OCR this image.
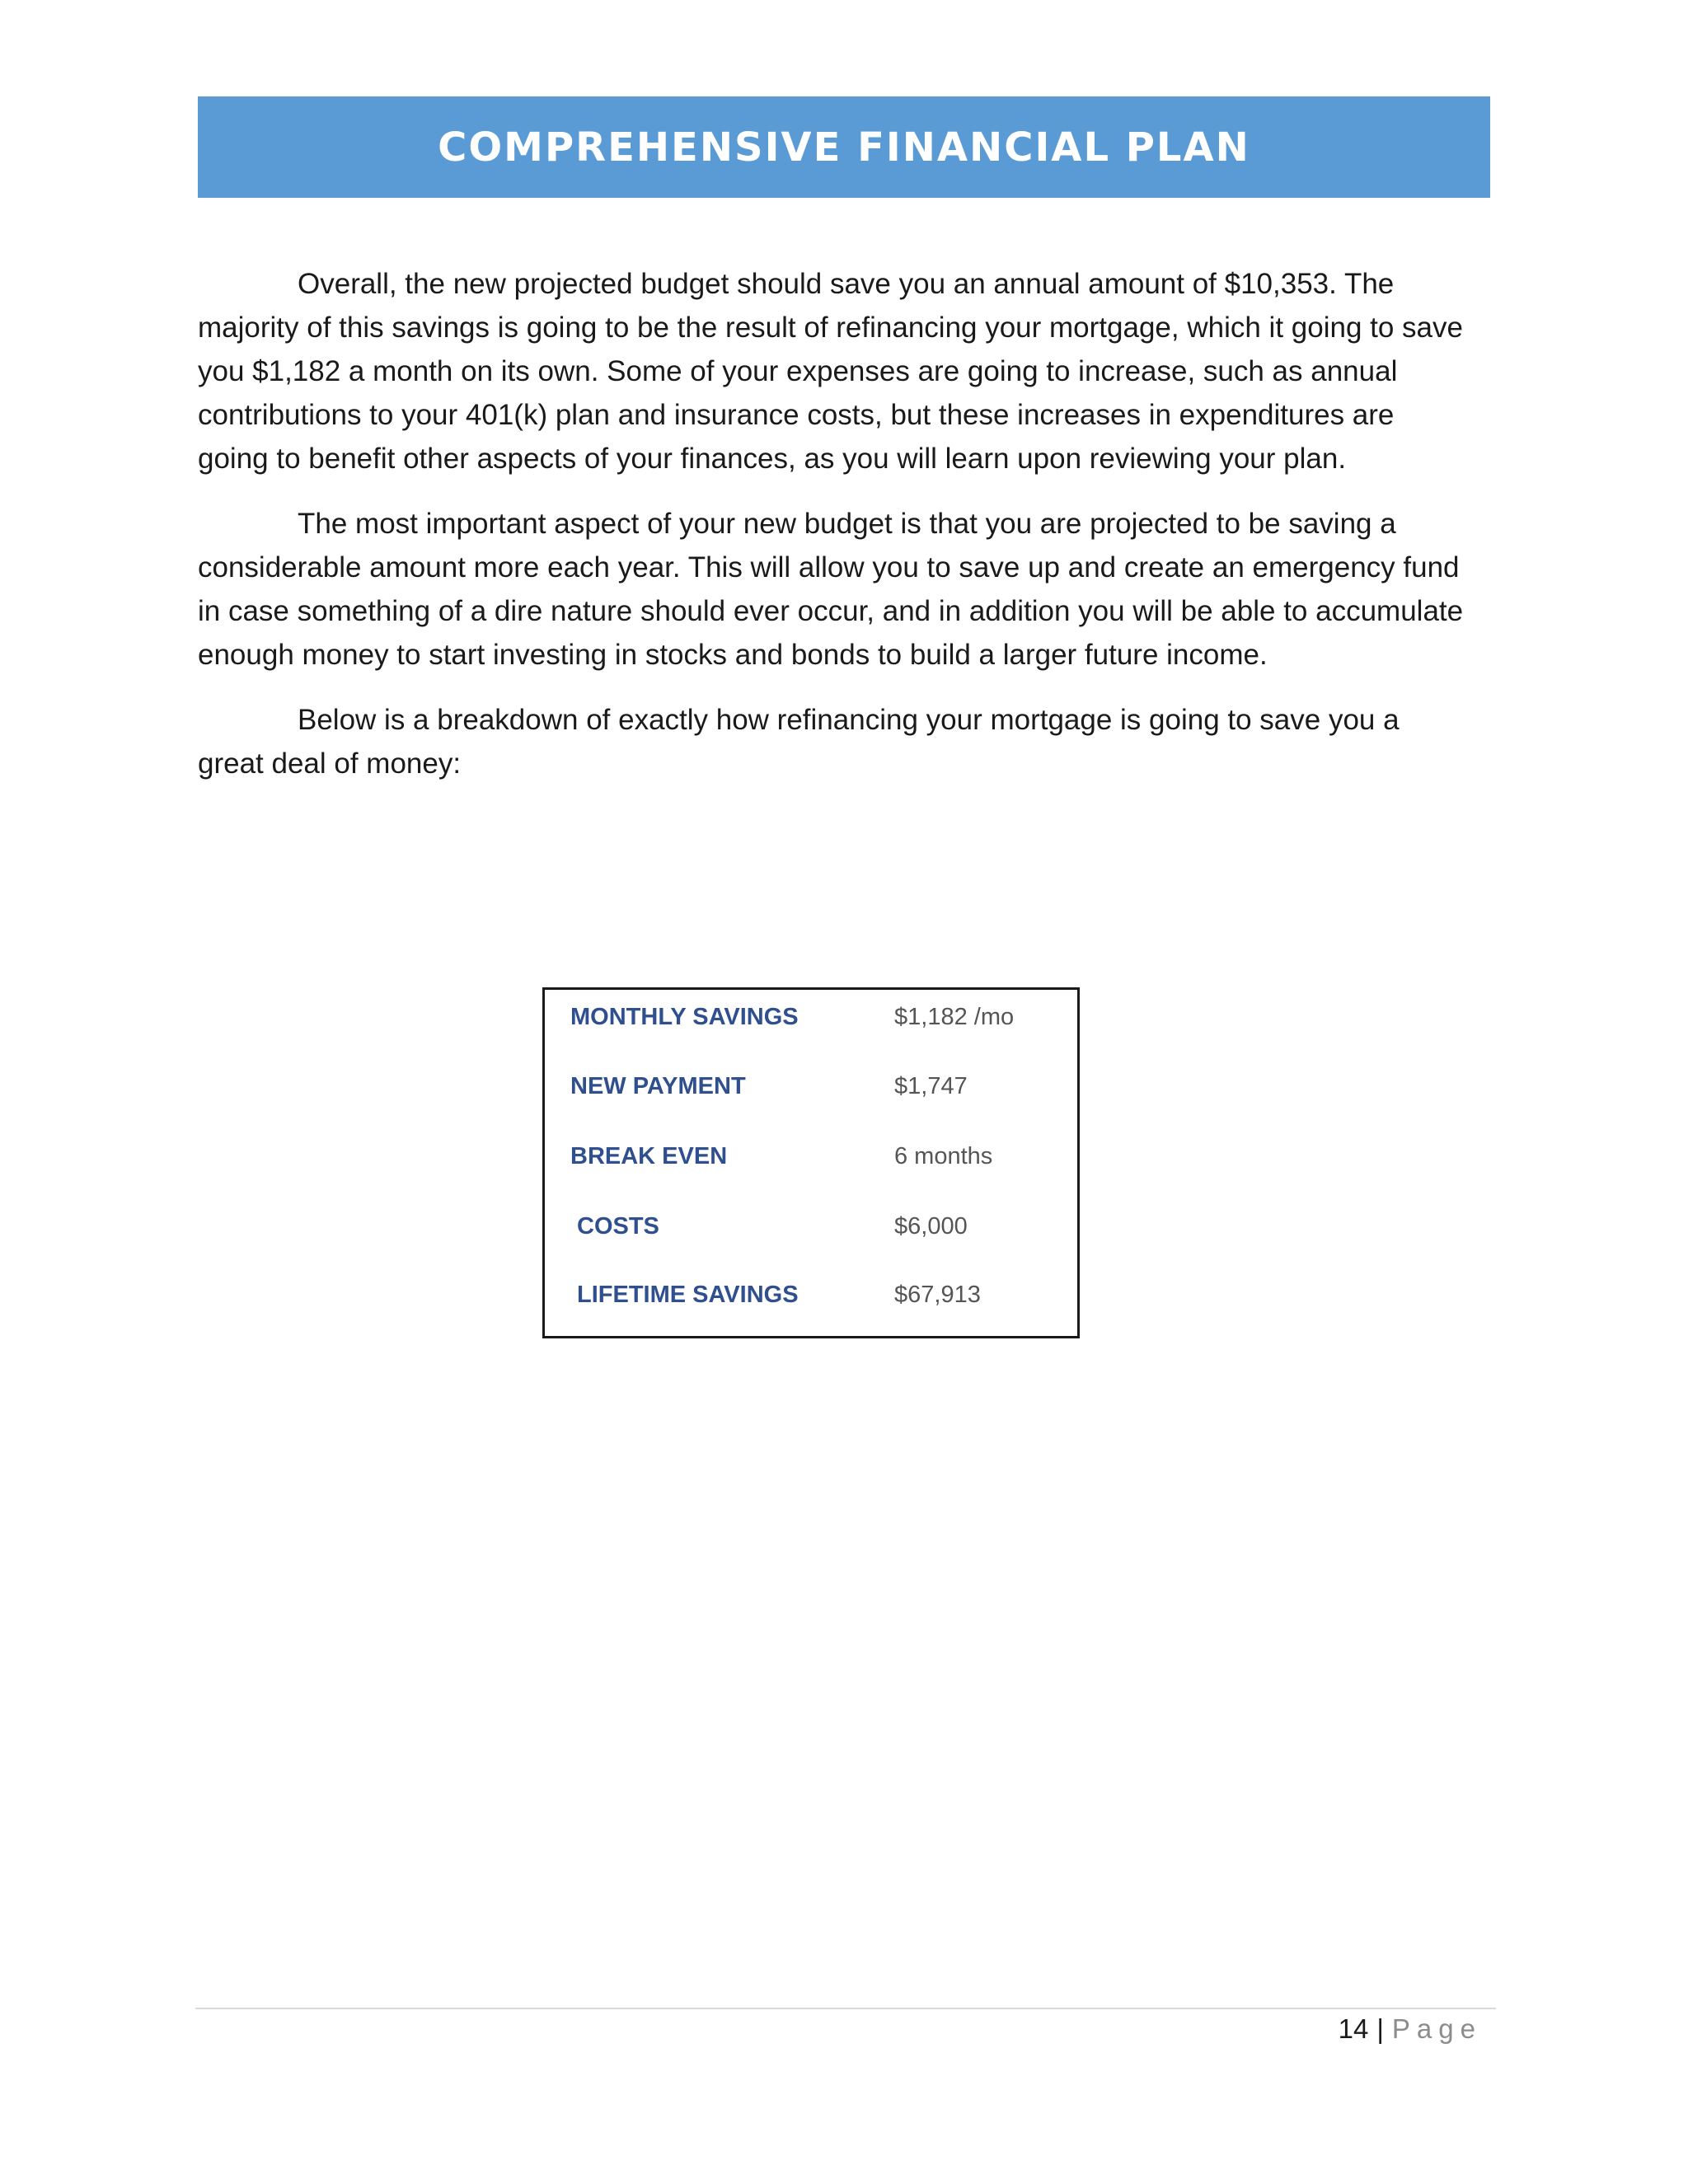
COMPREHENSIVE FINANCIAL PLAN

Overall, the new projected budget should save you an annual amount of $10,353. The majority of this savings is going to be the result of refinancing your mortgage, which it going to save you $1,182 a month on its own. Some of your expenses are going to increase, such as annual contributions to your 401(k) plan and insurance costs, but these increases in expenditures are going to benefit other aspects of your finances, as you will learn upon reviewing your plan.

The most important aspect of your new budget is that you are projected to be saving a considerable amount more each year. This will allow you to save up and create an emergency fund in case something of a dire nature should ever occur, and in addition you will be able to accumulate enough money to start investing in stocks and bonds to build a larger future income.

Below is a breakdown of exactly how refinancing your mortgage is going to save you a great deal of money:

MONTHLY SAVINGS	$1,182 /mo
NEW PAYMENT	$1,747
BREAK EVEN	6 months
COSTS	$6,000
LIFETIME SAVINGS	$67,913
14 | Page
